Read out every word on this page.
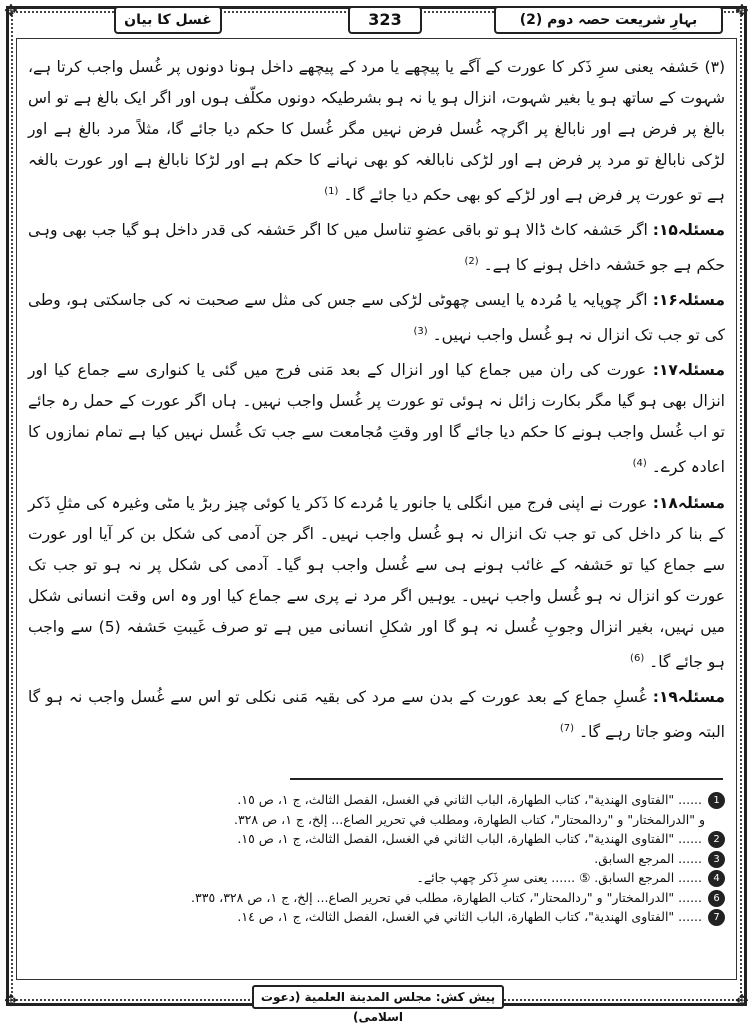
✥	✥
✥	✥
غسل کا بیان	323	بہارِ شریعت حصہ دوم (2)

(۳) حَشفہ یعنی سرِ ذَکر کا عورت کے آگے یا پیچھے یا مرد کے پیچھے داخل ہونا دونوں پر غُسل واجب کرتا ہے، شہوت کے ساتھ ہو یا بغیر شہوت، انزال ہو یا نہ ہو بشرطیکہ دونوں مکلّف ہوں اور اگر ایک بالغ ہے تو اس بالغ پر فرض ہے اور نابالغ پر اگرچہ غُسل فرض نہیں مگر غُسل کا حکم دیا جائے گا، مثلاً مرد بالغ ہے اور لڑکی نابالغ تو مرد پر فرض ہے اور لڑکی نابالغہ کو بھی نہانے کا حکم ہے اور لڑکا نابالغ ہے اور عورت بالغہ ہے تو عورت پر فرض ہے اور لڑکے کو بھی حکم دیا جائے گا۔ $^{(1)}$

مسئلہ۱۵: اگر حَشفہ کاٹ ڈالا ہو تو باقی عضوِ تناسل میں کا اگر حَشفہ کی قدر داخل ہو گیا جب بھی وہی حکم ہے جو حَشفہ داخل ہونے کا ہے۔ $^{(2)}$

مسئلہ۱۶: اگر چوپایہ یا مُردہ یا ایسی چھوٹی لڑکی سے جس کی مثل سے صحبت نہ کی جاسکتی ہو، وطی کی تو جب تک انزال نہ ہو غُسل واجب نہیں۔ $^{(3)}$

مسئلہ۱۷: عورت کی ران میں جماع کیا اور انزال کے بعد مَنی فرج میں گئی یا کنواری سے جماع کیا اور انزال بھی ہو گیا مگر بکارت زائل نہ ہوئی تو عورت پر غُسل واجب نہیں۔ ہاں اگر عورت کے حمل رہ جائے تو اب غُسل واجب ہونے کا حکم دیا جائے گا اور وقتِ مُجامعت سے جب تک غُسل نہیں کیا ہے تمام نمازوں کا اعادہ کرے۔ $^{(4)}$

مسئلہ۱۸: عورت نے اپنی فرج میں انگلی یا جانور یا مُردے کا ذَکر یا کوئی چیز ربڑ یا مٹی وغیرہ کی مثلِ ذَکر کے بنا کر داخل کی تو جب تک انزال نہ ہو غُسل واجب نہیں۔ اگر جن آدمی کی شکل بن کر آیا اور عورت سے جماع کیا تو حَشفہ کے غائب ہونے ہی سے غُسل واجب ہو گیا۔ آدمی کی شکل پر نہ ہو تو جب تک عورت کو انزال نہ ہو غُسل واجب نہیں۔ یوہیں اگر مرد نے پری سے جماع کیا اور وہ اس وقت انسانی شکل میں نہیں، بغیر انزال وجوبِ غُسل نہ ہو گا اور شکلِ انسانی میں ہے تو صرف غَیبتِ حَشفہ (5) سے واجب ہو جائے گا۔ $^{(6)}$

مسئلہ۱۹: غُسلِ جماع کے بعد عورت کے بدن سے مرد کی بقیہ مَنی نکلی تو اس سے غُسل واجب نہ ہو گا البتہ وضو جاتا رہے گا۔ $^{(7)}$

1...... "الفتاوى الهندية"، كتاب الطهارة، الباب الثاني في الغسل، الفصل الثالث، ج ١، ص ١٥.
و "الدرالمختار" و "ردالمحتار"، كتاب الطهارة، ومطلب في تحرير الصاع... إلخ، ج ١، ص ٣٢٨.
2...... "الفتاوى الهندية"، كتاب الطهارة، الباب الثاني في الغسل، الفصل الثالث، ج ١، ص ١٥.
3...... المرجع السابق.
4...... المرجع السابق. ⑤ ...... یعنی سرِ ذَکر چھپ جائے۔
6...... "الدرالمختار" و "ردالمحتار"، كتاب الطهارة، مطلب في تحرير الصاع... إلخ، ج ١، ص ٣٢٨، ٣٣٥.
7...... "الفتاوى الهندية"، كتاب الطهارة، الباب الثاني في الغسل، الفصل الثالث، ج ١، ص ١٤.
پیش کش: مجلس المدينة العلمية (دعوت اسلامی)
